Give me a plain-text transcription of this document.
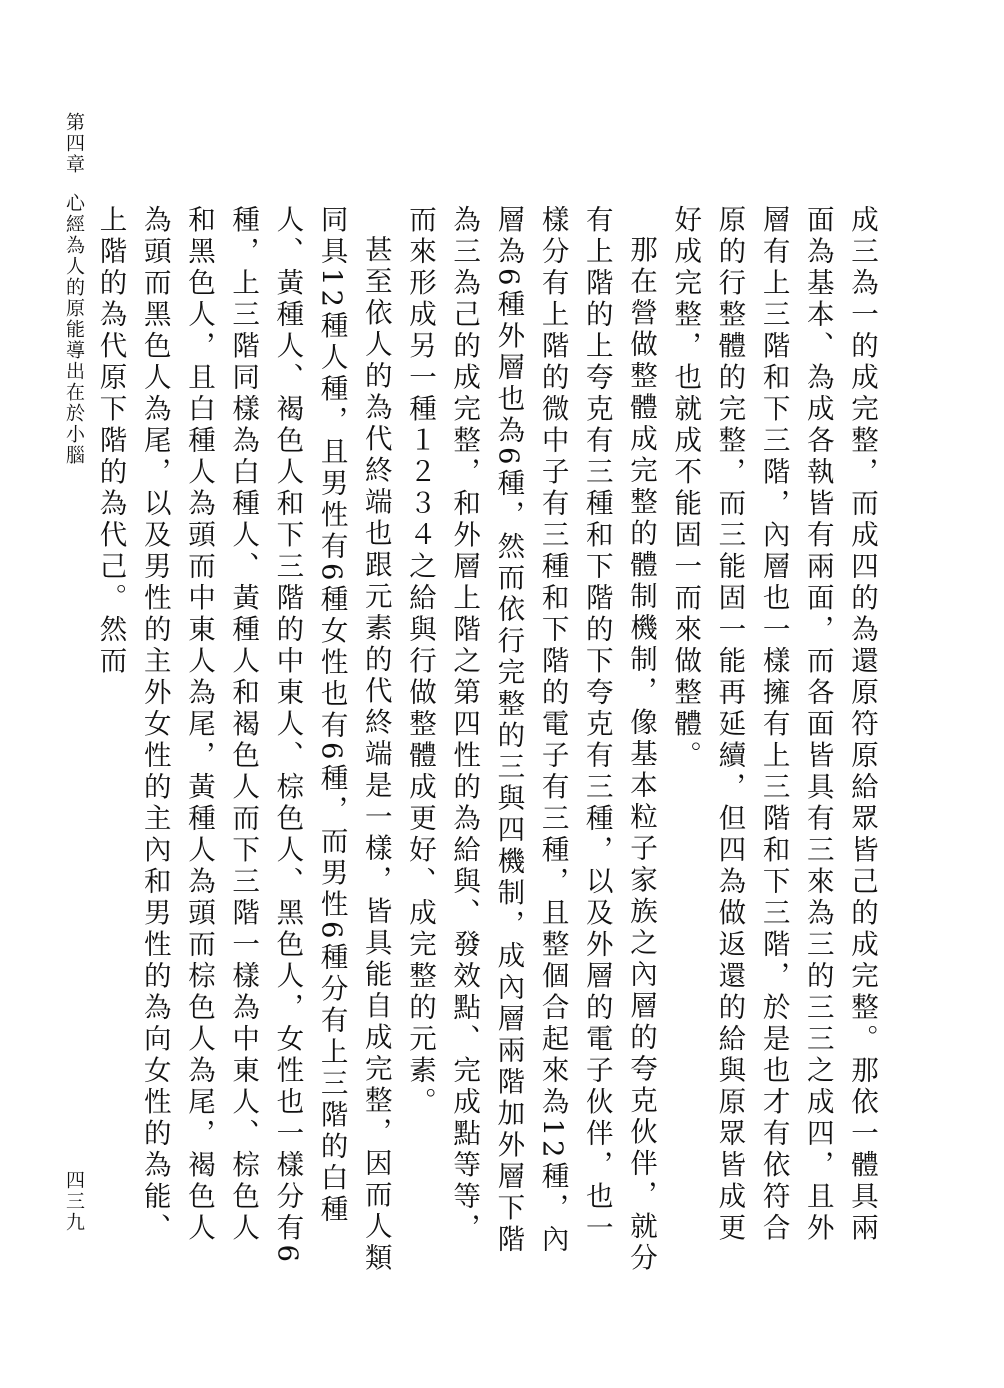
第四章心經為人的原能導出在於小腦
四三九	成三為一的成完整，而成四的為還原符原給眾皆己的成完整。那依一體具兩面為基本、為成各執皆有兩面，而各面皆具有三來為三的三三之成四，且外層有上三階和下三階，內層也一樣擁有上三階和下三階，於是也才有依符合原的行整體的完整，而三能固一能再延續，但四為做返還的給與原眾皆成更好成完整，也就成不能固一而來做整體。

那在營做整體成完整的體制機制，像基本粒子家族之內層的夸克伙伴，就分有上階的上夸克有三種和下階的下夸克有三種，以及外層的電子伙伴，也一樣分有上階的微中子有三種和下階的電子有三種，且整個合起來為12種，內層為6種外層也為6種，然而依行完整的三與四機制，成內層兩階加外層下階為三為己的成完整，和外層上階之第四性的為給與、發效點、完成點等等，而來形成另一種１２３４之給與行做整體成更好、成完整的元素。

甚至依人的為代終端也跟元素的代終端是一樣，皆具能自成完整，因而人類同具12種人種，且男性有6種女性也有6種，而男性6種分有上三階的白種人、黃種人、褐色人和下三階的中東人、棕色人、黑色人，女性也一樣分有6種，上三階同樣為白種人、黃種人和褐色人而下三階一樣為中東人、棕色人和黑色人，且白種人為頭而中東人為尾，黃種人為頭而棕色人為尾，褐色人為頭而黑色人為尾，以及男性的主外女性的主內和男性的為向女性的為能、上階的為代原下階的為代己。然而
